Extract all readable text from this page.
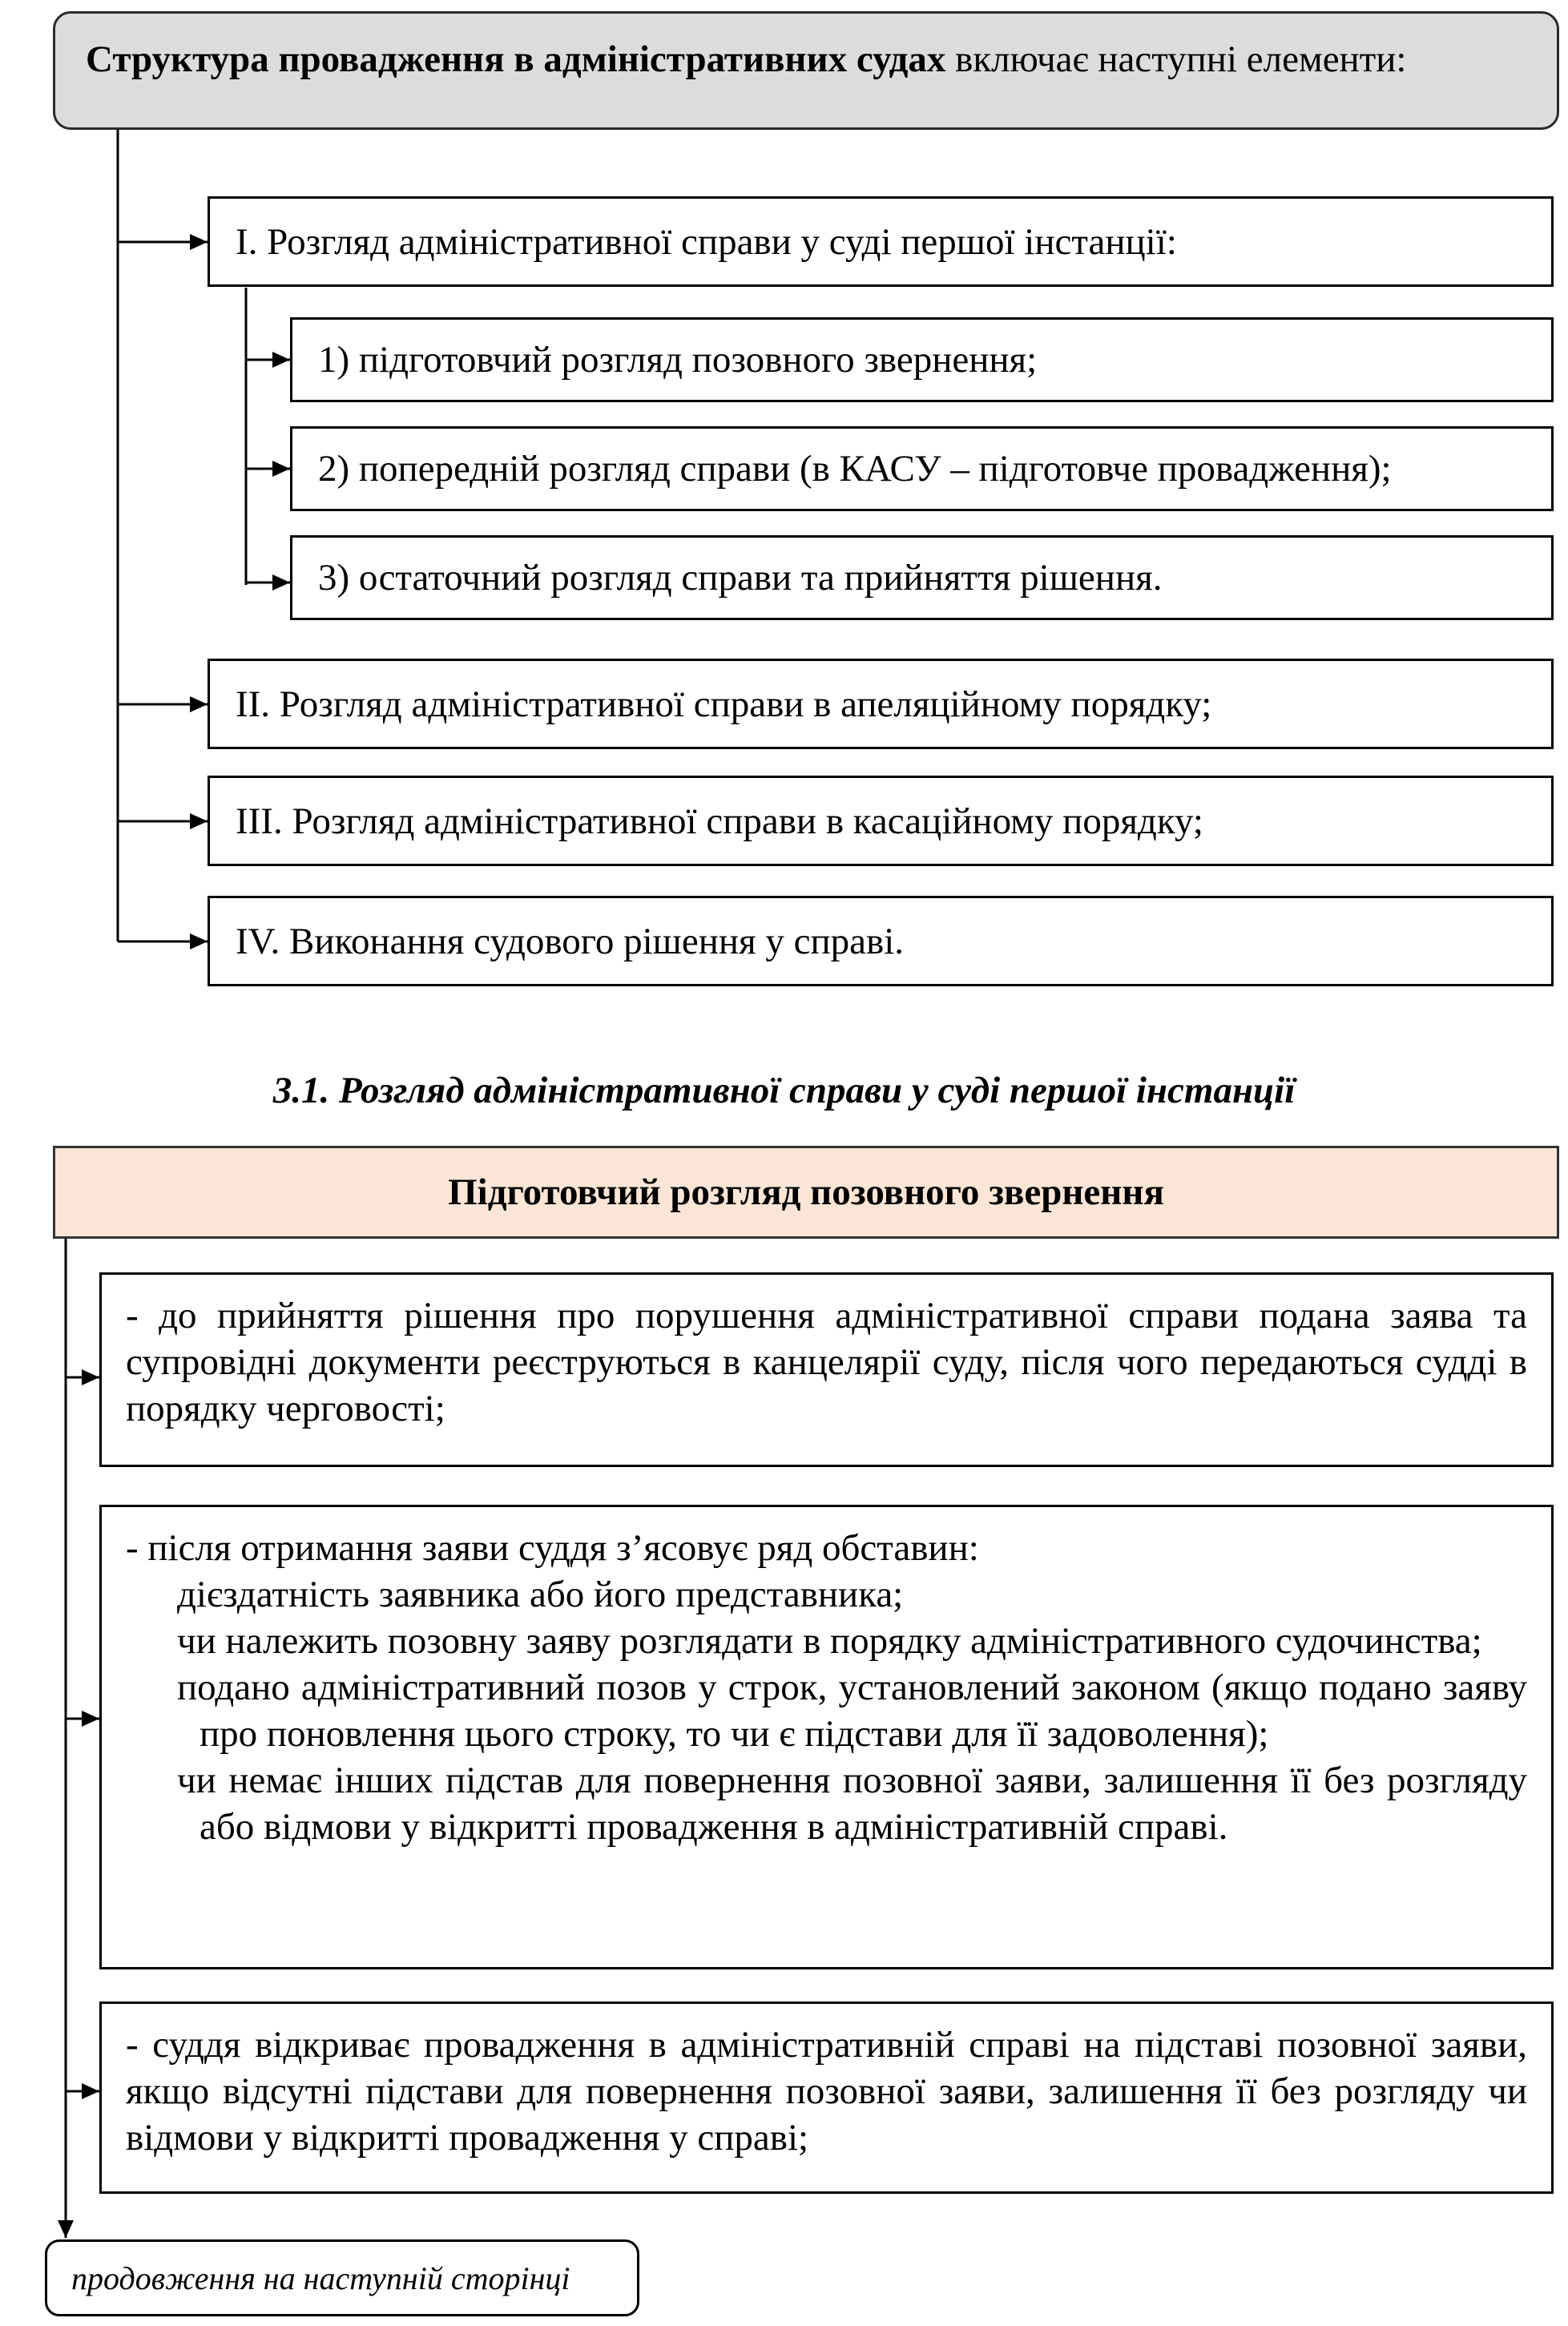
Структура провадження в адміністративних судах включає наступні елементи:
I. Розгляд адміністративної справи у суді першої інстанції:
II. Розгляд адміністративної справи в апеляційному порядку;
III. Розгляд адміністративної справи в касаційному порядку;
IV. Виконання судового рішення у справі.
1) підготовчий розгляд позовного звернення;
2) попередній розгляд справи (в КАСУ – підготовче провадження);
3) остаточний розгляд справи та прийняття рішення.
3.1. Розгляд адміністративної справи у суді першої інстанції
Підготовчий розгляд позовного звернення
- до прийняття рішення про порушення адміністративної справи подана заява та супровідні документи реєструються в канцелярії суду, після чого передаються судді в порядку черговості;
- після отримання заяви суддя з’ясовує ряд обставин:
дієздатність заявника або його представника;
чи належить позовну заяву розглядати в порядку адміністративного судочинства;
подано адміністративний позов у строк, установлений законом (якщо подано заяву про поновлення цього строку, то чи є підстави для її задоволення);
чи немає інших підстав для повернення позовної заяви, залишення її без розгляду або відмови у відкритті провадження в адміністративній справі.
- суддя відкриває провадження в адміністративній справі на підставі позовної заяви, якщо відсутні підстави для повернення позовної заяви, залишення її без розгляду чи відмови у відкритті провадження у справі;
продовження на наступній сторінці
